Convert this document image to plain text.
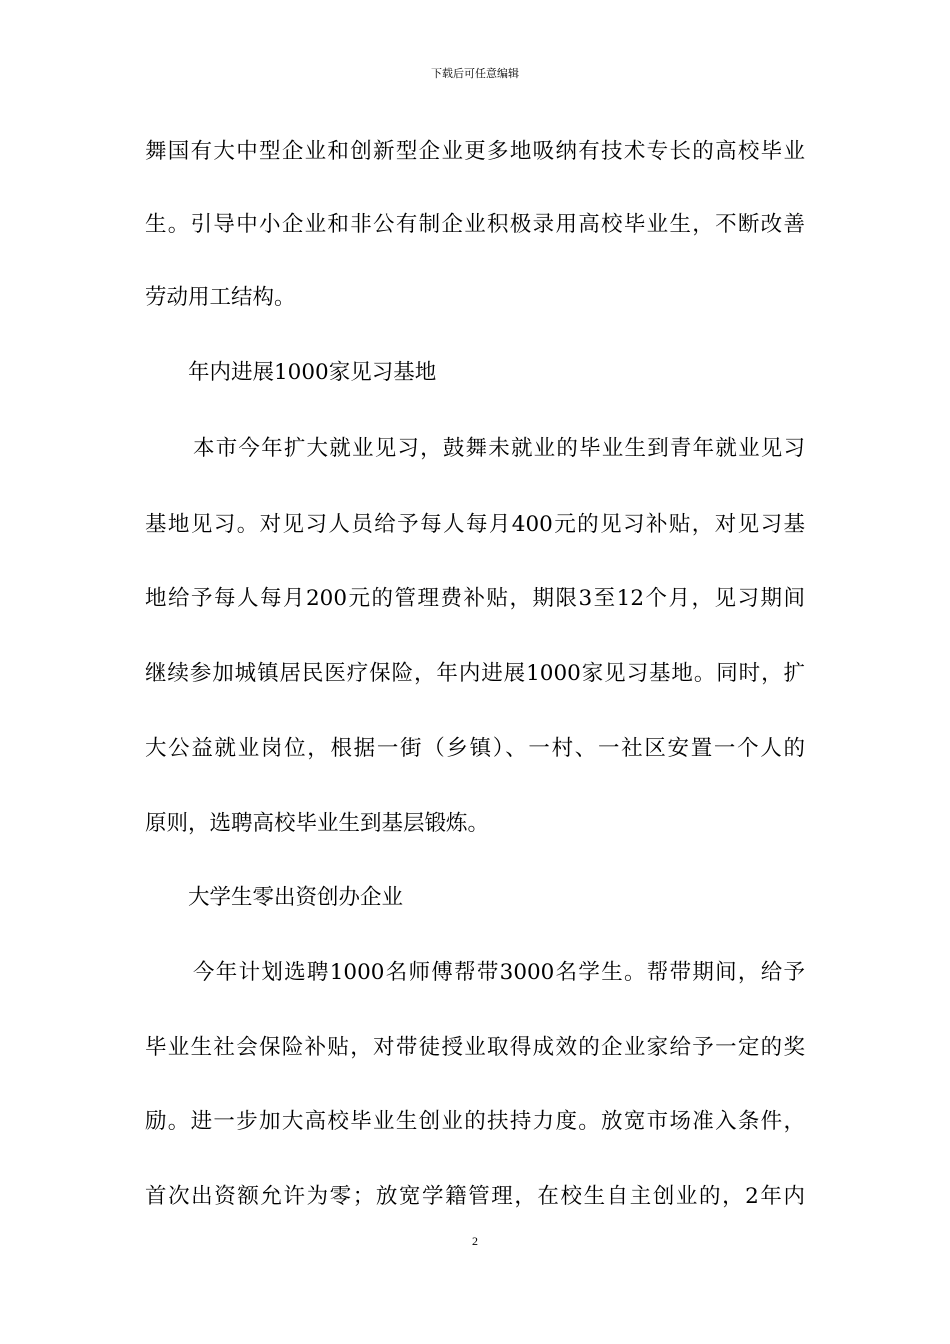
下载后可任意编辑
舞国有大中型企业和创新型企业更多地吸纳有技术专长的高校毕业
生。引导中小企业和非公有制企业积极录用高校毕业生，不断改善
劳动用工结构。
年内进展1000家见习基地
本市今年扩大就业见习，鼓舞未就业的毕业生到青年就业见习
基地见习。对见习人员给予每人每月400元的见习补贴，对见习基
地给予每人每月200元的管理费补贴，期限3至12个月，见习期间
继续参加城镇居民医疗保险，年内进展1000家见习基地。同时，扩
大公益就业岗位，根据一街（乡镇）、一村、一社区安置一个人的
原则，选聘高校毕业生到基层锻炼。
大学生零出资创办企业
今年计划选聘1000名师傅帮带3000名学生。帮带期间，给予
毕业生社会保险补贴，对带徒授业取得成效的企业家给予一定的奖
励。进一步加大高校毕业生创业的扶持力度。放宽市场准入条件，
首次出资额允许为零；放宽学籍管理，在校生自主创业的，2年内
2
